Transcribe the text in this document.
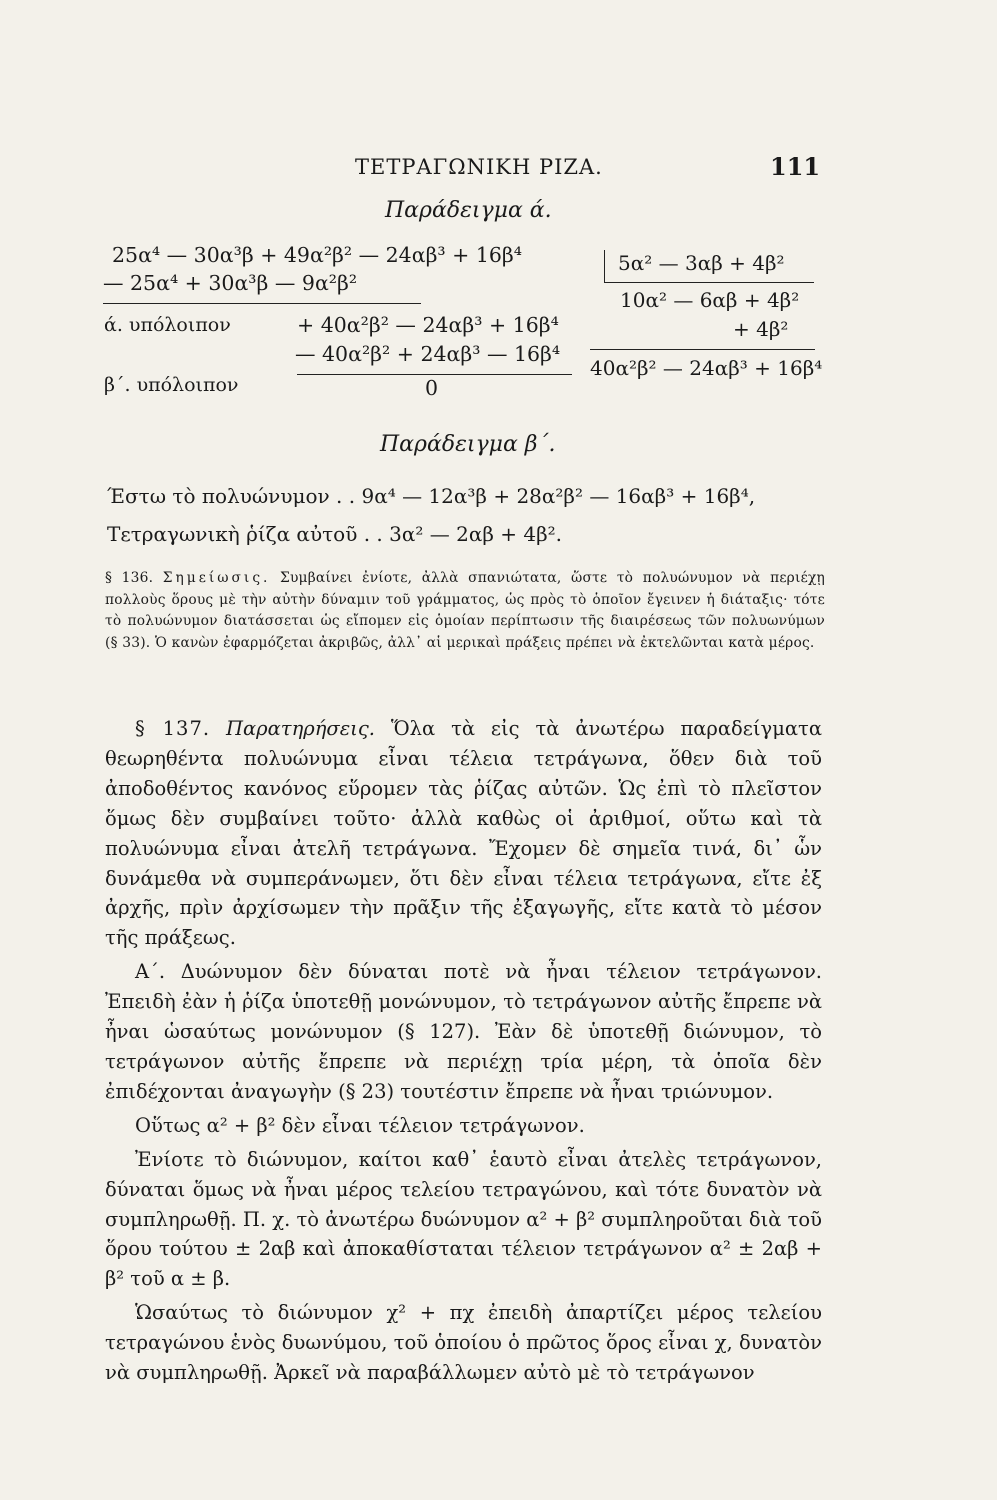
ΤΕΤΡΑΓΩΝΙΚΗ ΡΙΖΑ.	111
Παράδειγμα ά.
25α⁴ — 30α³β + 49α²β² — 24αβ³ + 16β⁴
— 25α⁴ + 30α³β — 9α²β²
ά. υπόλοιπον	+ 40α²β² — 24αβ³ + 16β⁴
— 40α²β² + 24αβ³ — 16β⁴
β΄. υπόλοιπον	0
5α² — 3αβ + 4β²
10α² — 6αβ + 4β²
+ 4β²
40α²β² — 24αβ³ + 16β⁴
Παράδειγμα β΄.
Έστω τὸ πολυώνυμον . . 9α⁴ — 12α³β + 28α²β² — 16αβ³ + 16β⁴,
Τετραγωνικὴ ῥίζα αὐτοῦ . . 3α² — 2αβ + 4β².
§ 136. Σημείωσις. Συμβαίνει ἐνίοτε, ἀλλὰ σπανιώτατα, ὥστε τὸ πολυώνυμον νὰ περιέχῃ πολλοὺς ὅρους μὲ τὴν αὐτὴν δύναμιν τοῦ γράμματος, ὡς πρὸς τὸ ὁποῖον ἔγεινεν ἡ διάταξις· τότε τὸ πολυώνυμον διατάσσεται ὡς εἴπομεν εἰς ὁμοίαν περίπτωσιν τῆς διαιρέσεως τῶν πολυωνύμων (§ 33). Ὁ κανὼν ἐφαρμόζεται ἀκριβῶς, ἀλλ᾽ αἱ μερικαὶ πράξεις πρέπει νὰ ἐκτελῶνται κατὰ μέρος.

§ 137. Παρατηρήσεις. Ὅλα τὰ εἰς τὰ ἀνωτέρω παραδείγματα θεωρηθέντα πολυώνυμα εἶναι τέλεια τετράγωνα, ὅθεν διὰ τοῦ ἀποδοθέντος κανόνος εὕρομεν τὰς ῥίζας αὐτῶν. Ὡς ἐπὶ τὸ πλεῖστον ὅμως δὲν συμβαίνει τοῦτο· ἀλλὰ καθὼς οἱ ἀριθμοί, οὕτω καὶ τὰ πολυώνυμα εἶναι ἀτελῆ τετράγωνα. Ἔχομεν δὲ σημεῖα τινά, δι᾽ ὧν δυνάμεθα νὰ συμπεράνωμεν, ὅτι δὲν εἶναι τέλεια τετράγωνα, εἴτε ἐξ ἀρχῆς, πρὶν ἀρχίσωμεν τὴν πρᾶξιν τῆς ἐξαγωγῆς, εἴτε κατὰ τὸ μέσον τῆς πράξεως.

Α΄. Δυώνυμον δὲν δύναται ποτὲ νὰ ἦναι τέλειον τετράγωνον. Ἐπειδὴ ἐὰν ἡ ῥίζα ὑποτεθῇ μονώνυμον, τὸ τετράγωνον αὐτῆς ἔπρεπε νὰ ἦναι ὡσαύτως μονώνυμον (§ 127). Ἐὰν δὲ ὑποτεθῇ διώνυμον, τὸ τετράγωνον αὐτῆς ἔπρεπε νὰ περιέχῃ τρία μέρη, τὰ ὁποῖα δὲν ἐπιδέχονται ἀναγωγὴν (§ 23) τουτέστιν ἔπρεπε νὰ ἦναι τριώνυμον.

Οὕτως α² + β² δὲν εἶναι τέλειον τετράγωνον.

Ἐνίοτε τὸ διώνυμον, καίτοι καθ᾽ ἑαυτὸ εἶναι ἀτελὲς τετράγωνον, δύναται ὅμως νὰ ἦναι μέρος τελείου τετραγώνου, καὶ τότε δυνατὸν νὰ συμπληρωθῇ. Π. χ. τὸ ἀνωτέρω δυώνυμον α² + β² συμπληροῦται διὰ τοῦ ὅρου τούτου ± 2αβ καὶ ἀποκαθίσταται τέλειον τετράγωνον α² ± 2αβ + β² τοῦ α ± β.

Ὡσαύτως τὸ διώνυμον χ² + πχ ἐπειδὴ ἀπαρτίζει μέρος τελείου τετραγώνου ἑνὸς δυωνύμου, τοῦ ὁποίου ὁ πρῶτος ὅρος εἶναι χ, δυνατὸν νὰ συμπληρωθῇ. Ἀρκεῖ νὰ παραβάλλωμεν αὐτὸ μὲ τὸ τετράγωνον
